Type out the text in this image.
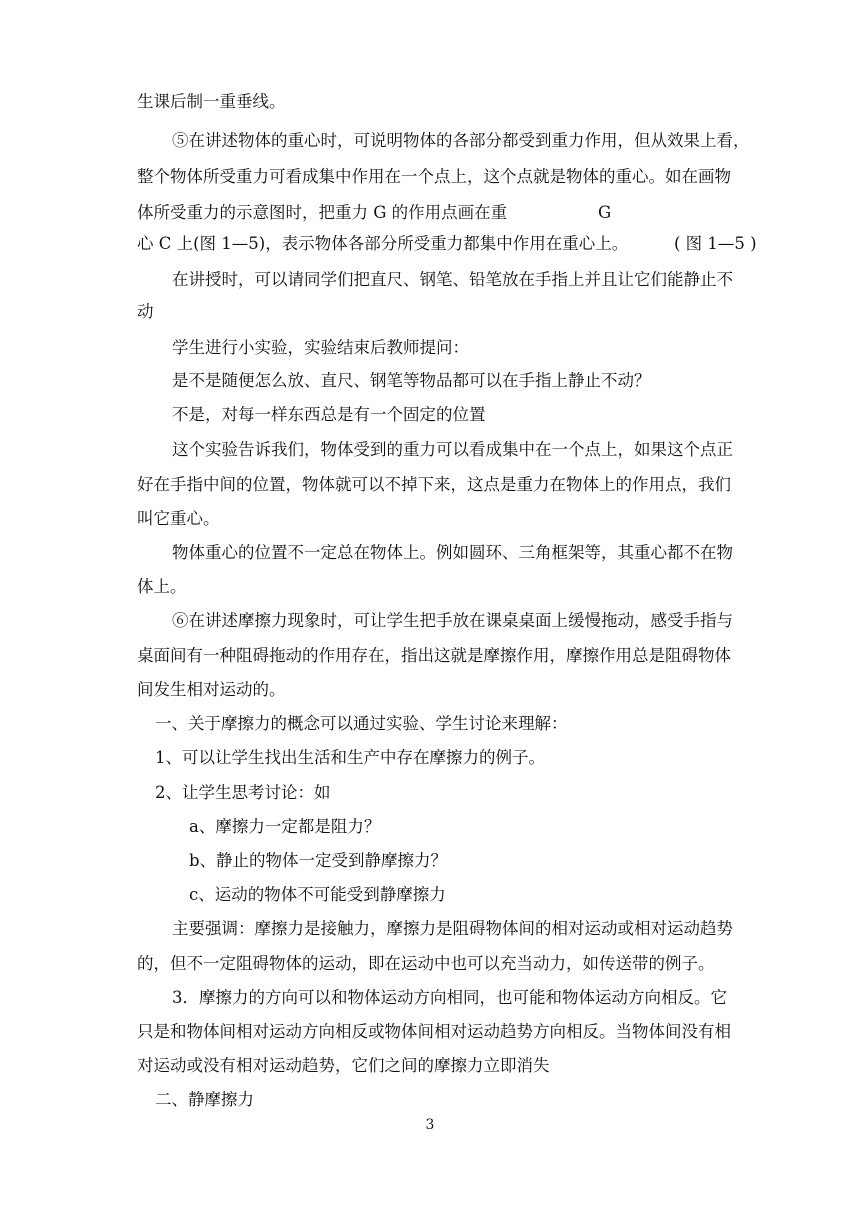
生课后制一重垂线。
⑤在讲述物体的重心时，可说明物体的各部分都受到重力作用，但从效果上看，
整个物体所受重力可看成集中作用在一个点上，这个点就是物体的重心。如在画物
体所受重力的示意图时，把重力 G 的作用点画在重	G
心 C 上(图 1—5)，表示物体各部分所受重力都集中作用在重心上。	( 图 1—5 )
在讲授时，可以请同学们把直尺、钢笔、铅笔放在手指上并且让它们能静止不
动
学生进行小实验，实验结束后教师提问：
是不是随便怎么放、直尺、钢笔等物品都可以在手指上静止不动？
不是，对每一样东西总是有一个固定的位置
这个实验告诉我们，物体受到的重力可以看成集中在一个点上，如果这个点正
好在手指中间的位置，物体就可以不掉下来，这点是重力在物体上的作用点，我们
叫它重心。
物体重心的位置不一定总在物体上。例如圆环、三角框架等，其重心都不在物
体上。
⑥在讲述摩擦力现象时，可让学生把手放在课桌桌面上缓慢拖动，感受手指与
桌面间有一种阻碍拖动的作用存在，指出这就是摩擦作用，摩擦作用总是阻碍物体
间发生相对运动的。
一、关于摩擦力的概念可以通过实验、学生讨论来理解：
1、可以让学生找出生活和生产中存在摩擦力的例子。
2、让学生思考讨论：如
a、摩擦力一定都是阻力？
b、静止的物体一定受到静摩擦力？
c、运动的物体不可能受到静摩擦力
主要强调：摩擦力是接触力，摩擦力是阻碍物体间的相对运动或相对运动趋势
的，但不一定阻碍物体的运动，即在运动中也可以充当动力，如传送带的例子。
3．摩擦力的方向可以和物体运动方向相同，也可能和物体运动方向相反。它
只是和物体间相对运动方向相反或物体间相对运动趋势方向相反。当物体间没有相
对运动或没有相对运动趋势，它们之间的摩擦力立即消失
二、静摩擦力
3
